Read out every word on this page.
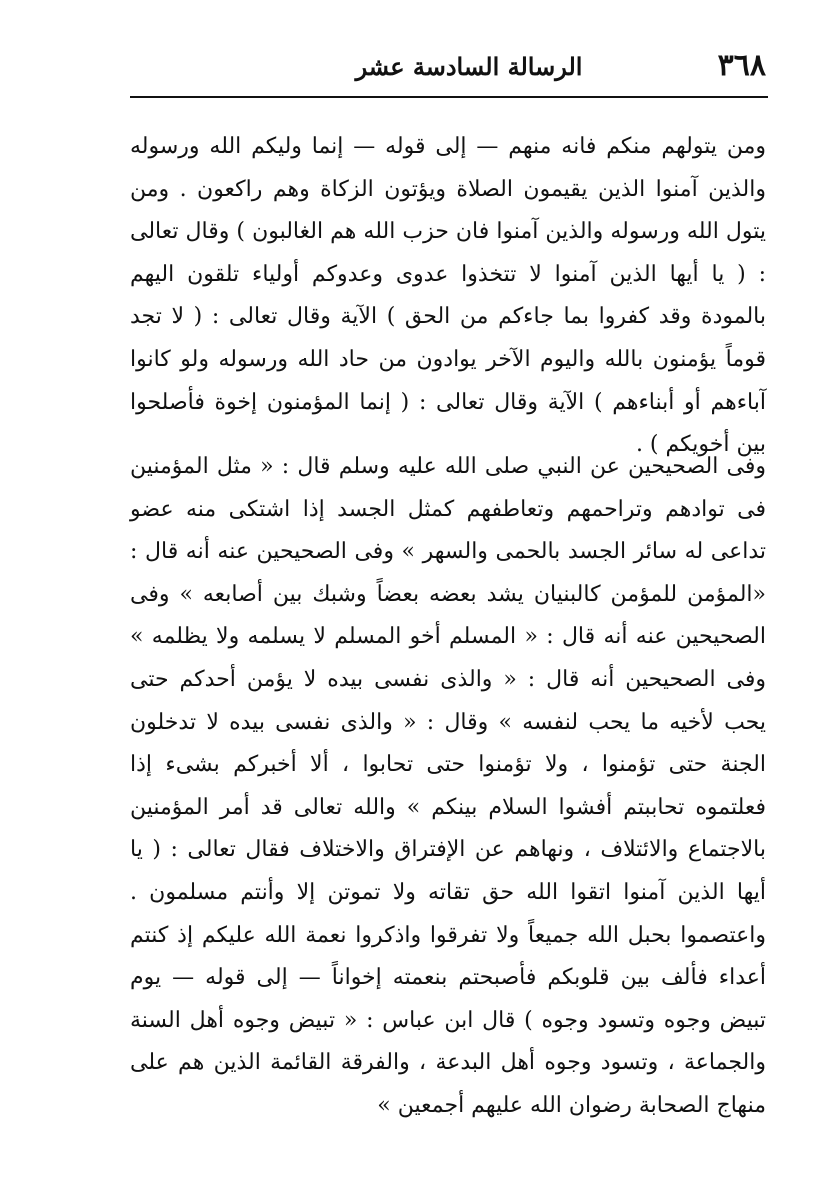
٣٦٨
الرسالة السادسة عشر

ومن يتولهم منكم فانه منهم — إلى قوله — إنما وليكم الله ورسوله والذين آمنوا الذين يقيمون الصلاة ويؤتون الزكاة وهم راكعون . ومن يتول الله ورسوله والذين آمنوا فان حزب الله هم الغالبون ) وقال تعالى : ( يا أيها الذين آمنوا لا تتخذوا عدوى وعدوكم أولياء تلقون اليهم بالمودة وقد كفروا بما جاءكم من الحق ) الآية وقال تعالى : ( لا تجد قوماً يؤمنون بالله واليوم الآخر يوادون من حاد الله ورسوله ولو كانوا آباءهم أو أبناءهم ) الآية وقال تعالى : ( إنما المؤمنون إخوة فأصلحوا بين أخويكم ) .

وفى الصحيحين عن النبي صلى الله عليه وسلم قال : « مثل المؤمنين فى توادهم وتراحمهم وتعاطفهم كمثل الجسد إذا اشتكى منه عضو تداعى له سائر الجسد بالحمى والسهر » وفى الصحيحين عنه أنه قال : «المؤمن للمؤمن كالبنيان يشد بعضه بعضاً وشبك بين أصابعه » وفى الصحيحين عنه أنه قال : « المسلم أخو المسلم لا يسلمه ولا يظلمه » وفى الصحيحين أنه قال : « والذى نفسى بيده لا يؤمن أحدكم حتى يحب لأخيه ما يحب لنفسه » وقال : « والذى نفسى بيده لا تدخلون الجنة حتى تؤمنوا ، ولا تؤمنوا حتى تحابوا ، ألا أخبركم بشىء إذا فعلتموه تحاببتم أفشوا السلام بينكم » والله تعالى قد أمر المؤمنين بالاجتماع والائتلاف ، ونهاهم عن الإفتراق والاختلاف فقال تعالى : ( يا أيها الذين آمنوا اتقوا الله حق تقاته ولا تموتن إلا وأنتم مسلمون . واعتصموا بحبل الله جميعاً ولا تفرقوا واذكروا نعمة الله عليكم إذ كنتم أعداء فألف بين قلوبكم فأصبحتم بنعمته إخواناً — إلى قوله — يوم تبيض وجوه وتسود وجوه ) قال ابن عباس : « تبيض وجوه أهل السنة والجماعة ، وتسود وجوه أهل البدعة ، والفرقة القائمة الذين هم على منهاج الصحابة رضوان الله عليهم أجمعين »
